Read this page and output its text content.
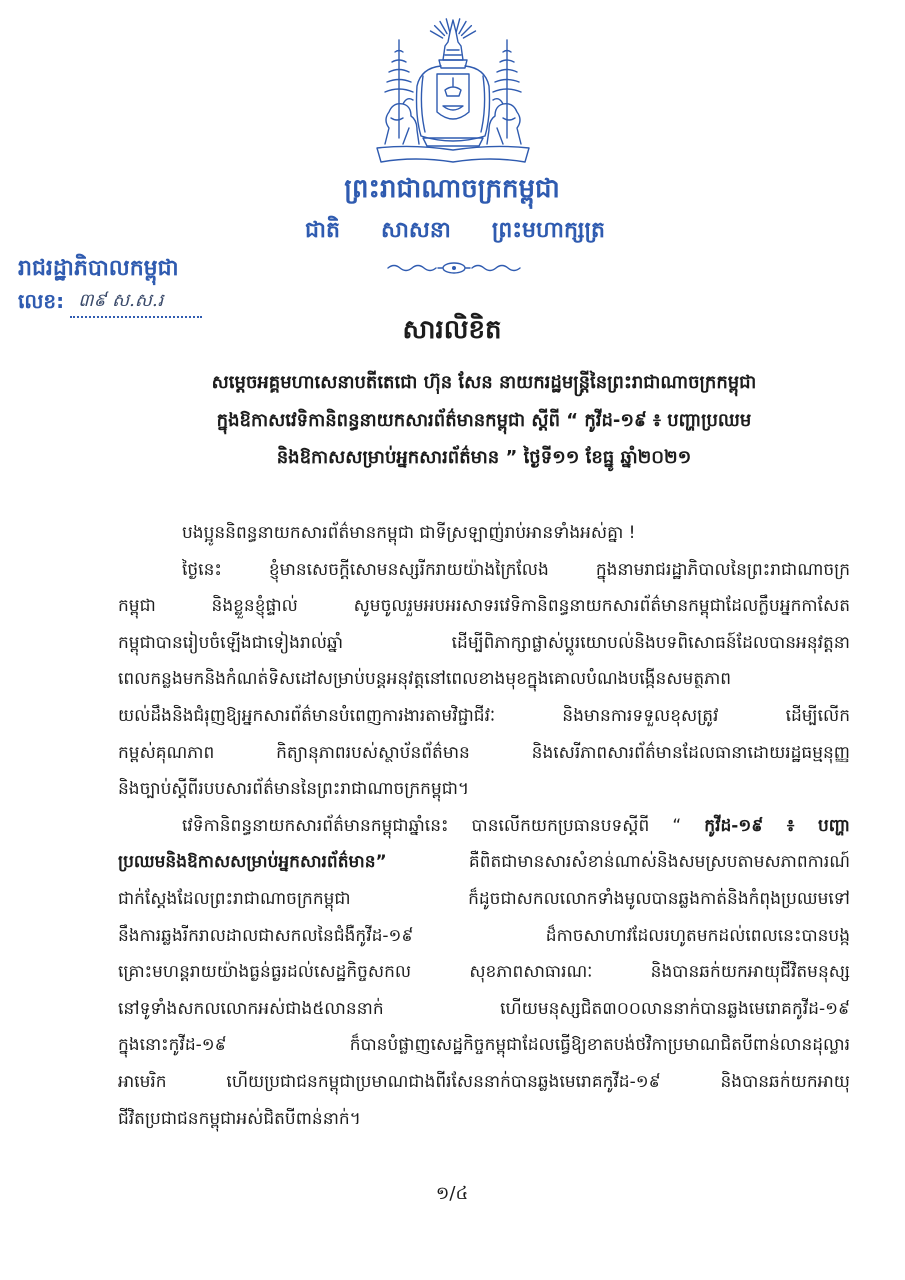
ព្រះរាជាណាចក្រកម្ពុជា
ជាតិ សាសនា ព្រះមហាក្សត្រ
រាជរដ្ឋាភិបាលកម្ពុជា
លេខ: ៣៩ ស.ស.រ
សារលិខិត
សម្តេចអគ្គមហាសេនាបតីតេជោ ហ៊ុន សែន នាយករដ្ឋមន្ត្រីនៃព្រះរាជាណាចក្រកម្ពុជា
ក្នុងឱកាសវេទិកានិពន្ធនាយកសារព័ត៌មានកម្ពុជា ស្តីពី “ កូវីដ-១៩ ៖ បញ្ហាប្រឈម
និងឱកាសសម្រាប់អ្នកសារព័ត៌មាន ” ថ្ងៃទី១១ ខែធ្នូ ឆ្នាំ២០២១
បងប្អូននិពន្ធនាយកសារព័ត៌មានកម្ពុជា ជាទីស្រឡាញ់រាប់អានទាំងអស់គ្នា !
ថ្ងៃនេះ ខ្ញុំមានសេចក្តីសោមនស្សរីករាយយ៉ាងក្រៃលែង ក្នុងនាមរាជរដ្ឋាភិបាលនៃព្រះរាជាណាចក្រ
កម្ពុជា និងខ្លួនខ្ញុំផ្ទាល់ សូមចូលរួមអបអរសាទរវេទិកានិពន្ធនាយកសារព័ត៌មានកម្ពុជាដែលក្លឹបអ្នកកាសែត
កម្ពុជាបានរៀបចំឡើងជាទៀងរាល់ឆ្នាំ ដើម្បីពិភាក្សាផ្លាស់ប្តូរយោបល់និងបទពិសោធន៍ដែលបានអនុវត្តនា
ពេលកន្លងមកនិងកំណត់ទិសដៅសម្រាប់បន្តអនុវត្តនៅពេលខាងមុខក្នុងគោលបំណងបង្កើនសមត្ថភាព
យល់ដឹងនិងជំរុញឱ្យអ្នកសារព័ត៌មានបំពេញការងារតាមវិជ្ជាជីវៈ និងមានការទទួលខុសត្រូវ ដើម្បីលើក
កម្ពស់គុណភាព កិត្យានុភាពរបស់ស្ថាប័នព័ត៌មាន និងសេរីភាពសារព័ត៌មានដែលធានាដោយរដ្ឋធម្មនុញ្ញ
និងច្បាប់ស្តីពីរបបសារព័ត៌មាននៃព្រះរាជាណាចក្រកម្ពុជា។
វេទិកានិពន្ធនាយកសារព័ត៌មានកម្ពុជាឆ្នាំនេះ បានលើកយកប្រធានបទស្តីពី “ កូវីដ-១៩ ៖ បញ្ហា
ប្រឈមនិងឱកាសសម្រាប់អ្នកសារព័ត៌មាន” គឺពិតជាមានសារសំខាន់ណាស់និងសមស្របតាមសភាពការណ៍
ជាក់ស្តែងដែលព្រះរាជាណាចក្រកម្ពុជា ក៏ដូចជាសកលលោកទាំងមូលបានឆ្លងកាត់និងកំពុងប្រឈមទៅ
នឹងការឆ្លងរីករាលដាលជាសកលនៃជំងឺកូវីដ-១៩ ដ៏កាចសាហាវដែលរហូតមកដល់ពេលនេះបានបង្ក
គ្រោះមហន្តរាយយ៉ាងធ្ងន់ធ្ងរដល់សេដ្ឋកិច្ចសកល សុខភាពសាធារណៈ និងបានឆក់យកអាយុជីវិតមនុស្ស
នៅទូទាំងសកលលោកអស់ជាង៥លាននាក់ ហើយមនុស្សជិត៣០០លាននាក់បានឆ្លងមេរោគកូវីដ-១៩
ក្នុងនោះកូវីដ-១៩ ក៏បានបំផ្លាញសេដ្ឋកិច្ចកម្ពុជាដែលធ្វើឱ្យខាតបង់ថវិកាប្រមាណជិតបីពាន់លានដុល្លារ
អាមេរិក ហើយប្រជាជនកម្ពុជាប្រមាណជាងពីរសែននាក់បានឆ្លងមេរោគកូវីដ-១៩ និងបានឆក់យកអាយុ
ជីវិតប្រជាជនកម្ពុជាអស់ជិតបីពាន់នាក់។
១/៤
